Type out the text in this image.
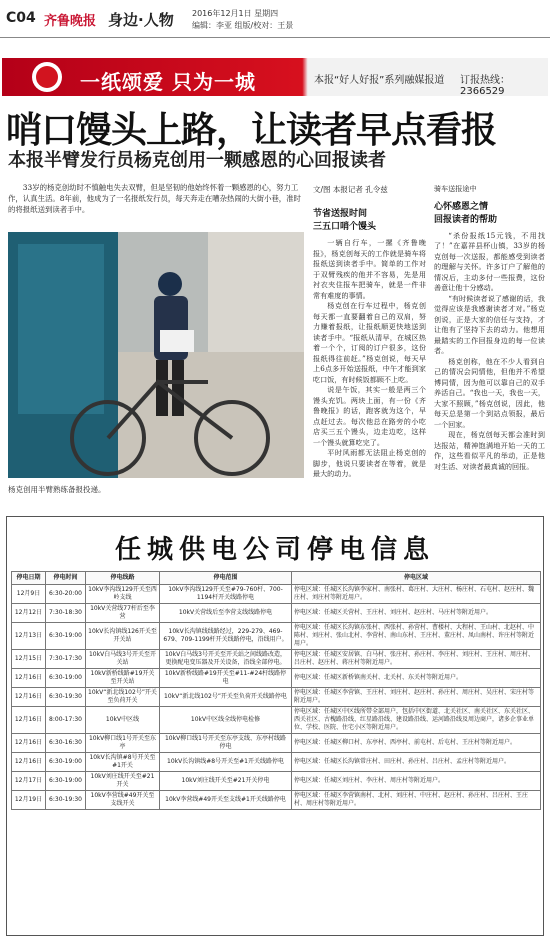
C04 齐鲁晚报 身边·人物 2016年12月1日 星期四
编辑：李亚 组版/校对：王景
一纸颂爱 只为一城	本报“好人好报”系列融媒报道 订报热线：2366529
哨口馒头上路，让读者早点看报
本报半臂发行员杨克创用一颗感恩的心回报读者
33岁的杨克创幼时不慎触电失去双臂，但是坚韧的他始终怀着一颗感恩的心，努力工作，认真生活。8年前，他成为了一名报纸发行员，每天奔走在嘈杂热闹的大街小巷，准时的将报纸送到读者手中。
杨克创用半臂熟练备报投递。
文/图 本报记者 孔令兹
节省送报时间
三五口哨个馒头

一辆自行车，一摞《齐鲁晚报》，杨克创每天的工作就是骑车将报纸送到读者手中。简单的工作对于双臂残疾的他并不容易，先是用衬衣夹住报车把骑车，就是一件非常有难度的事情。

杨克创在行车过程中，杨克创每天都一直要翻着自己的双肩，努力赚着报纸，让报纸顺更快地送到读者手中。“报纸从清早，在城区热着一个个，订阅的订户很多，这份报纸得往前赶。”杨克创说，每天早上6点多开始送报纸，中午才能到家吃口饭，有时候饭都顾不上吃。

说是午饭，其实一般是两三个馒头充饥。两块上面，有一份《齐鲁晚报》的话，跑客就为这个，早点赶过去。每次他总在路旁的小吃店买三五个馒头，边走边吃，这样一个馒头就算吃完了。

平时风雨都无法阻止杨克创的脚步，他说只要读者在等着，就是最大的动力。

骑车送报途中

心怀感恩之情
回报读者的帮助

“杀份报纸15元钱，不用找了！”在嘉祥县杯山镇，33岁的杨克创每一次送报，都能感受到读者的理解与关怀。许多订户了解他的情况后，主动多付一些报费，这份善意让他十分感动。

“有时候读者说了感谢的话，我觉得应该是我感谢读者才对。”杨克创说，正是大家的信任与支持，才让他有了坚持下去的动力。他想用最踏实的工作回报身边的每一位读者。

杨克创称，他在不少人看到自己的情况会同情他，但他并不希望博同情，因为他可以靠自己的双手养活自己。“我也一天，我也一天，大家不照顾，”杨克创说，因此，他每天总是第一个到站点领报，最后一个回家。

现在，杨克创每天都会准时到达报站，精神饱满地开始一天的工作，这些看似平凡的举动，正是他对生活、对读者最真诚的回报。

任城供电公司停电信息
停电日期	停电时间	停电线路	停电范围	停电区域
12月9日	6:30-20:00	10kV李沟线129开关至西岭支线	10kV李沟线129开关至#79-760杆、700-1194杆开关线路停电	停电区域：任城区长沟镇李家村、南张村、葛庄村、大庄村、杨庄村、石屯村、赵庄村、魏庄村、刘庄村等附近用户。
12月12日	7:30-18:30	10kV关营线77杆后至李营	10kV关营线后至李营支线线路停电	停电区域：任城区关营村、王庄村、刘庄村、赵庄村、马庄村等附近用户。
12月13日	6:30-19:00	10kV长沟镇线126开关至开关站	10kV长沟镇线线路经过，229-279、469-679、709-1199杆开关线路停电，沿线用户。	停电区域：任城区长沟镇东张村、西张村、孙营村、曹楼村、大程村、王山村、北赵村、中陈村、刘庄村、张山北村、李营村、南山东村、王庄村、董庄村、凤山南村、许庄村等附近用户。
12月15日	7:30-17:30	10kV白马线3号开关至开关站	10kV白马线3号开关至开关站之间线路改造，更换配电变压器及开关设备，沿线全部停电。	停电区域：任城区安居镇、白马村、张庄村、孙庄村、李庄村、刘庄村、王庄村、周庄村、吕庄村、赵庄村、蒋庄村等附近用户。
12月16日	6:30-19:00	10kV新桥线路#19开关至开关站	10kV新桥线路#19开关至#11-#24杆线路停电	停电区域：任城区新桥镇南关村、北关村、东关村等附近用户。
12月16日	6:30-19:30	10kV“新北线102号”开关至负荷开关	10kV“新北线102号”开关至负荷开关线路停电	停电区域：任城区李营镇、王庄村、刘庄村、赵庄村、孙庄村、周庄村、吴庄村、宋庄村等附近用户。
12月16日	8:00-17:30	10kV中区线	10kV中区线全线停电检修	停电区域：任城区中区线所带全部用户，包括中区街道、北关社区、南关社区、东关社区、西关社区、古槐路沿线、红星路沿线、建设路沿线、运河路沿线及周边商户，诸多企事业单位、学校、医院、住宅小区等附近用户。
12月16日	6:30-16:30	10kV柳口线1号开关至东亭	10kV柳口线1号开关至东亭支线、东亭村线路停电	停电区域：任城区柳口村、东亭村、西亭村、前屯村、后屯村、王庄村等附近用户。
12月16日	6:30-19:00	10kV长沟镇#8号开关至#1开关	10kV长沟镇线#8号开关至#1开关线路停电	停电区域：任城区长沟镇常庄村、田庄村、孙庄村、吕庄村、孟庄村等附近用户。
12月17日	6:30-19:00	10kV刘庄线开关至#21开关	10kV刘庄线开关至#21开关停电	停电区域：任城区刘庄村、李庄村、周庄村等附近用户。
12月19日	6:30-19:30	10kV李营线#49开关至支线开关	10kV李营线#49开关至支线#1开关线路停电	停电区域：任城区李营镇南村、北村、刘庄村、中庄村、赵庄村、孙庄村、吕庄村、王庄村、周庄村等附近用户。
